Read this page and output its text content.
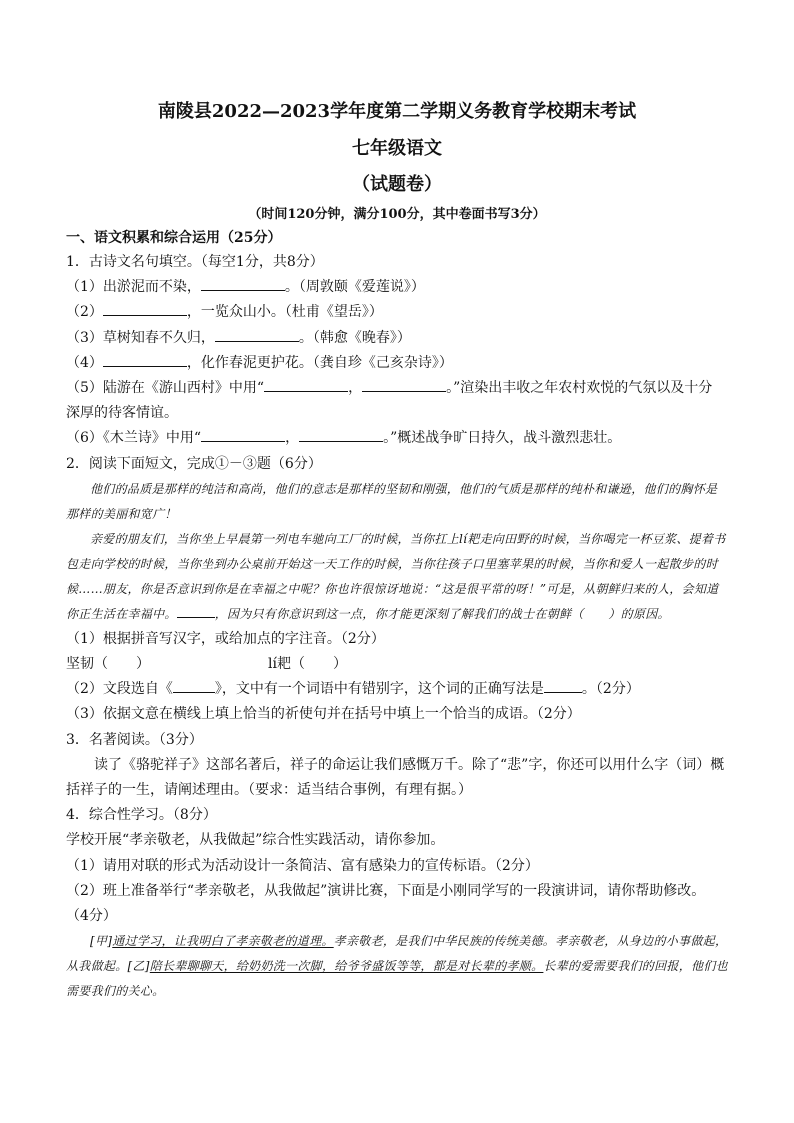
南陵县2022—2023学年度第二学期义务教育学校期末考试

七年级语文

（试题卷）

（时间120分钟，满分100分，其中卷面书写3分）

一、语文积累和综合运用（25分）

1．古诗文名句填空。（每空1分，共8分）

（1）出淤泥而不染，	。（周敦颐《爱莲说》）

（2）	，一览众山小。（杜甫《望岳》）

（3）草树知春不久归，	。（韩愈《晚春》）

（4）	，化作春泥更护花。（龚自珍《己亥杂诗》）

（5）陆游在《游山西村》中用“	，	。”渲染出丰收之年农村欢悦的气氛以及十分

深厚的待客情谊。

（6）《木兰诗》中用“	，	。”概述战争旷日持久，战斗激烈悲壮。

2．阅读下面短文，完成①－③题（6分）

他们的品质是那样的纯洁和高尚，他们的意志是那样的坚韧和刚强，他们的气质是那样的纯朴和谦逊，他们的胸怀是那样的美丽和宽广！

亲爱的朋友们，当你坐上早晨第一列电车驰向工厂的时候，当你扛上lí耙走向田野的时候，当你喝完一杯豆浆、提着书包走向学校的时候，当你坐到办公桌前开始这一天工作的时候，当你往孩子口里塞苹果的时候，当你和爱人一起散步的时候……朋友，你是否意识到你是在幸福之中呢？你也许很惊讶地说：“这是很平常的呀！”可是，从朝鲜归来的人，会知道你正生活在幸福中。	，因为只有你意识到这一点，你才能更深刻了解我们的战士在朝鲜（　　）的原因。

（1）根据拼音写汉字，或给加点的字注音。（2分）

坚韧（　　）	lí耙（　　）

（2）文段选自《	》，文中有一个词语中有错别字，这个词的正确写法是	。（2分）

（3）依据文意在横线上填上恰当的祈使句并在括号中填上一个恰当的成语。（2分）

3．名著阅读。（3分）

读了《骆驼祥子》这部名著后，祥子的命运让我们感慨万千。除了“悲”字，你还可以用什么字（词）概括祥子的一生，请阐述理由。（要求：适当结合事例，有理有据。）

4．综合性学习。（8分）

学校开展“孝亲敬老，从我做起”综合性实践活动，请你参加。

（1）请用对联的形式为活动设计一条简洁、富有感染力的宣传标语。（2分）

（2）班上准备举行“孝亲敬老，从我做起”演讲比赛，下面是小刚同学写的一段演讲词，请你帮助修改。

（4分）

[甲]通过学习，让我明白了孝亲敬老的道理。孝亲敬老，是我们中华民族的传统美德。孝亲敬老，从身边的小事做起，从我做起。[乙]陪长辈聊聊天，给奶奶洗一次脚，给爷爷盛饭等等，都是对长辈的孝顺。长辈的爱需要我们的回报，他们也需要我们的关心。
